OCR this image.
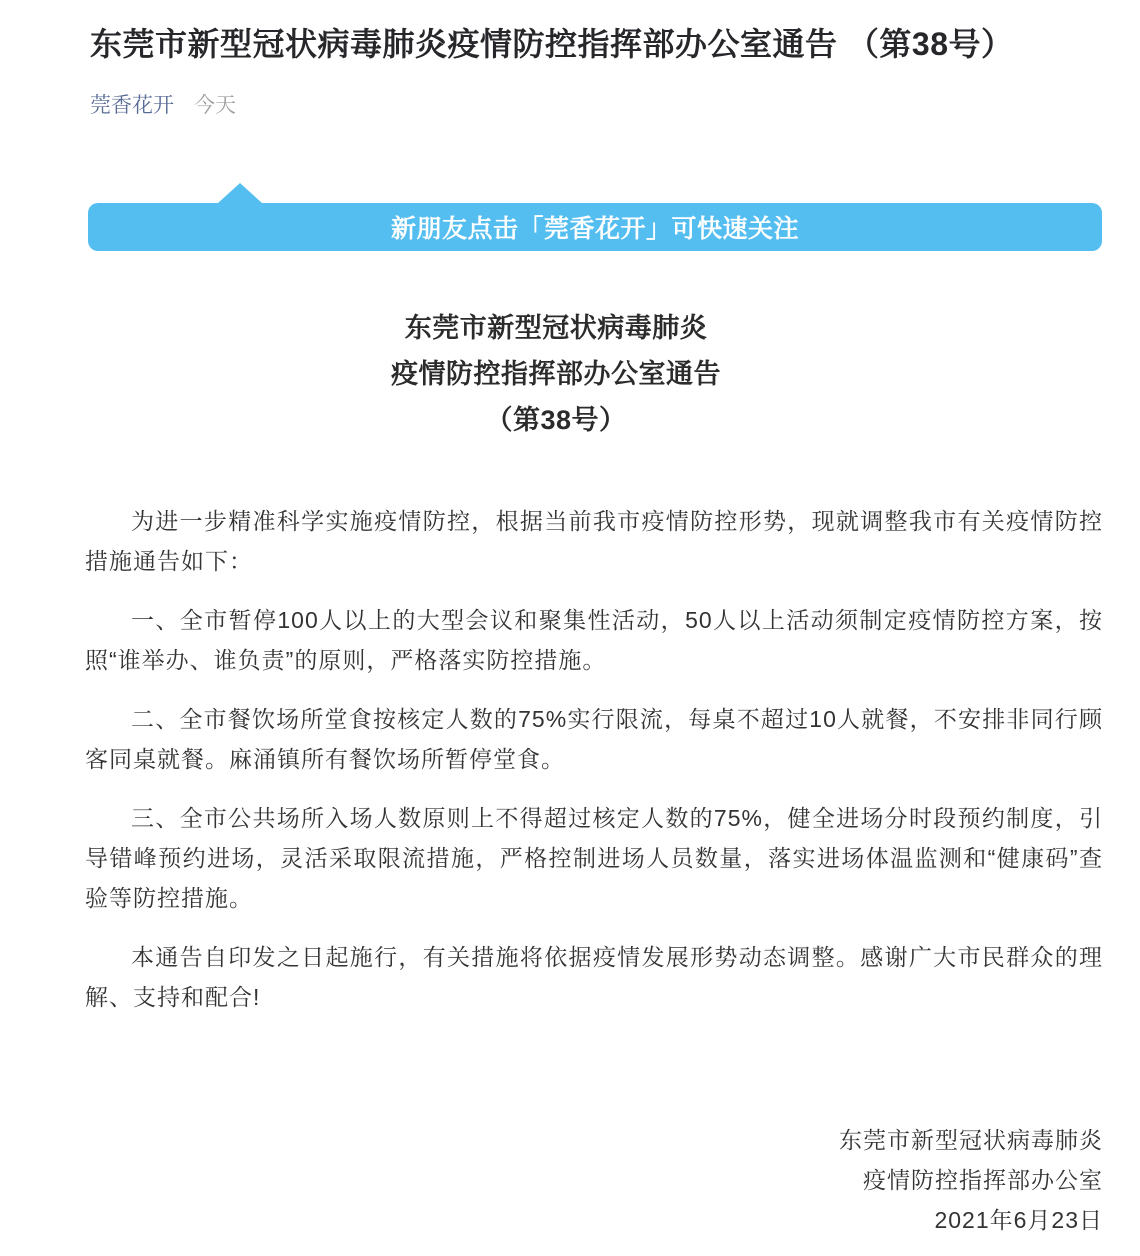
东莞市新型冠状病毒肺炎疫情防控指挥部办公室通告 （第38号）
莞香花开 今天
新朋友点击「莞香花开」可快速关注
东莞市新型冠状病毒肺炎
疫情防控指挥部办公室通告
（第38号）

为进一步精准科学实施疫情防控，根据当前我市疫情防控形势，现就调整我市有关疫情防控措施通告如下：

一、全市暂停100人以上的大型会议和聚集性活动，50人以上活动须制定疫情防控方案，按照“谁举办、谁负责”的原则，严格落实防控措施。

二、全市餐饮场所堂食按核定人数的75%实行限流，每桌不超过10人就餐，不安排非同行顾客同桌就餐。麻涌镇所有餐饮场所暂停堂食。

三、全市公共场所入场人数原则上不得超过核定人数的75%，健全进场分时段预约制度，引导错峰预约进场，灵活采取限流措施，严格控制进场人员数量，落实进场体温监测和“健康码”查验等防控措施。

本通告自印发之日起施行，有关措施将依据疫情发展形势动态调整。感谢广大市民群众的理解、支持和配合!

东莞市新型冠状病毒肺炎
疫情防控指挥部办公室
2021年6月23日
